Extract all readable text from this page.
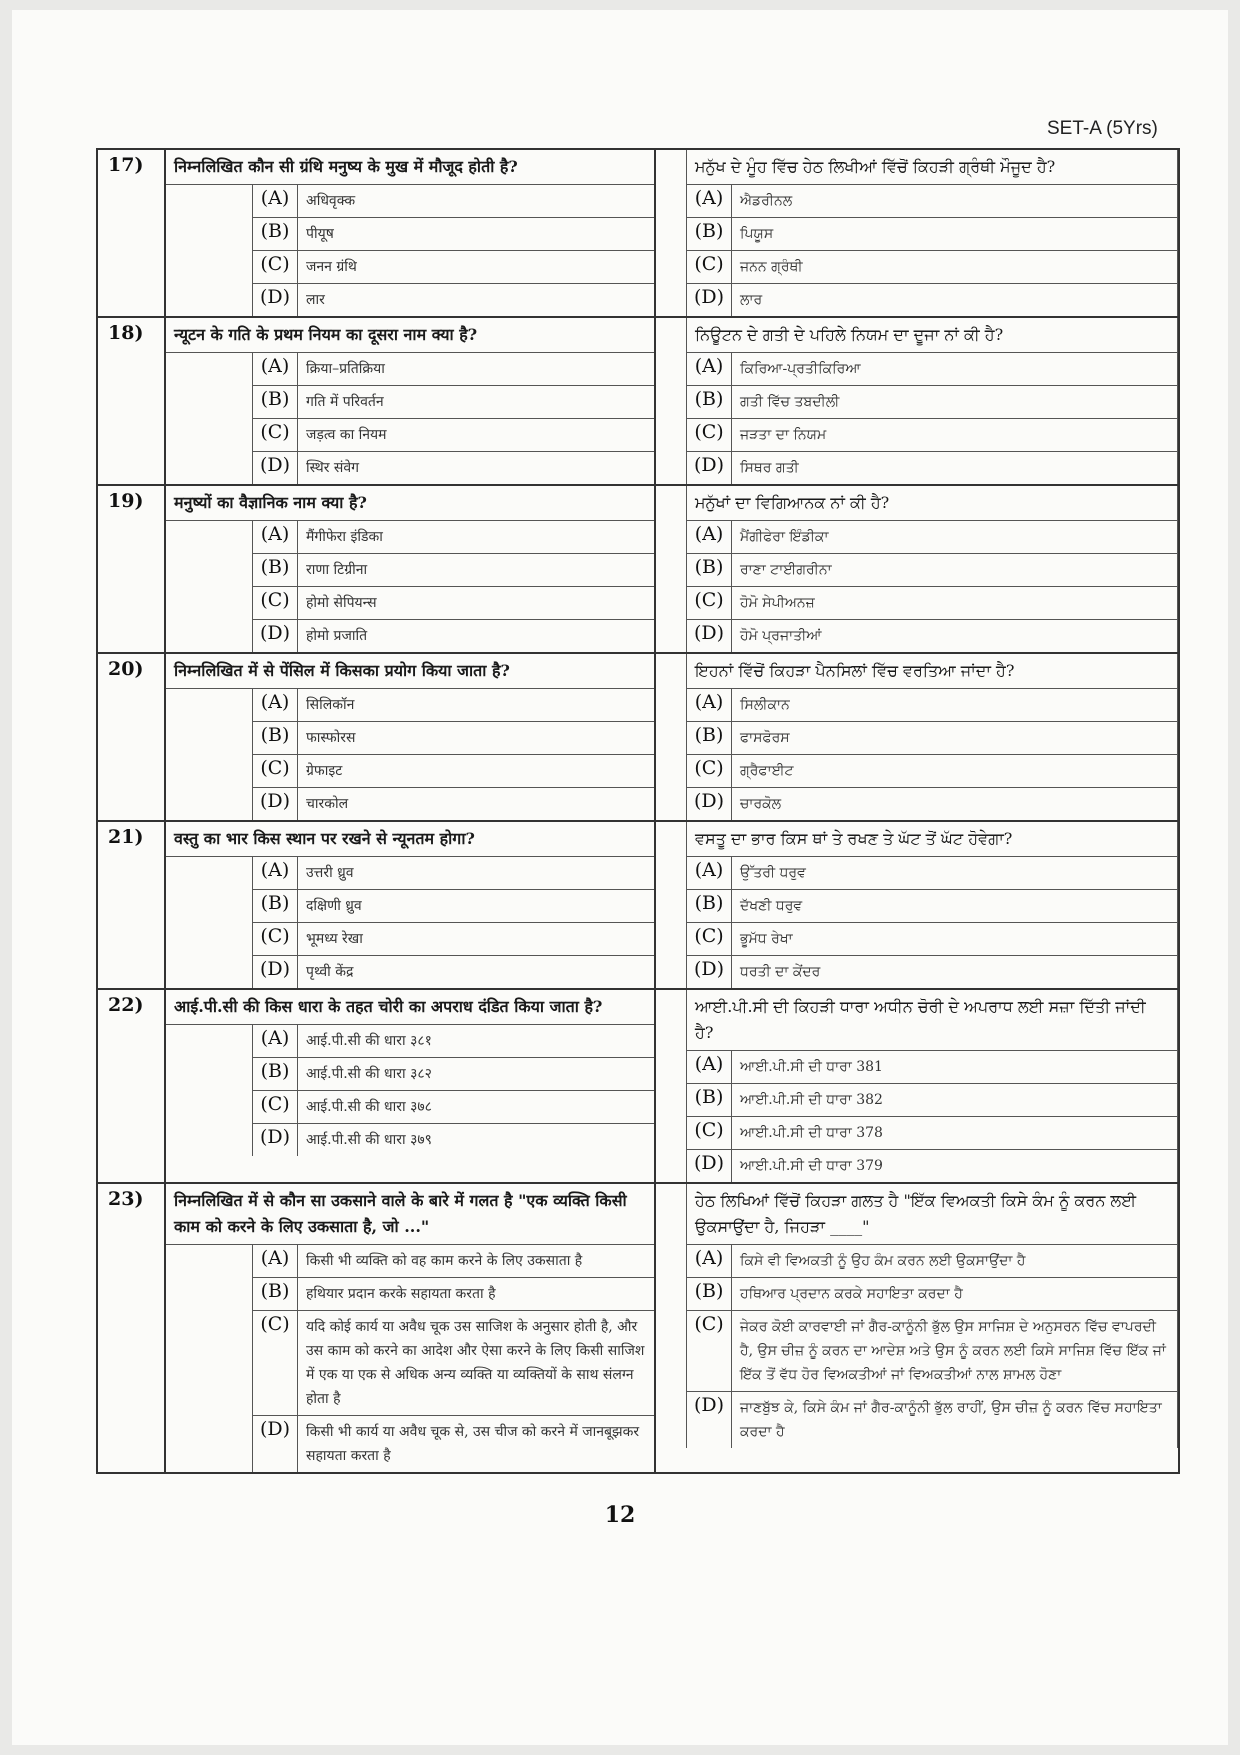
SET-A (5Yrs)
17)	निम्नलिखित कौन सी ग्रंथि मनुष्य के मुख में मौजूद होती है?
(A)	अधिवृक्क
(B)	पीयूष
(C)	जनन ग्रंथि
(D)	लार
ਮਨੁੱਖ ਦੇ ਮੂੰਹ ਵਿੱਚ ਹੇਠ ਲਿਖੀਆਂ ਵਿੱਚੋਂ ਕਿਹੜੀ ਗ੍ਰੰਥੀ ਮੌਜੂਦ ਹੈ?
(A)	ਐਡਰੀਨਲ
(B)	ਪਿਯੂਸ
(C)	ਜਨਨ ਗ੍ਰੰਥੀ
(D)	ਲਾਰ
18)	न्यूटन के गति के प्रथम नियम का दूसरा नाम क्या है?
(A)	क्रिया–प्रतिक्रिया
(B)	गति में परिवर्तन
(C)	जड़त्व का नियम
(D)	स्थिर संवेग
ਨਿਊਟਨ ਦੇ ਗਤੀ ਦੇ ਪਹਿਲੇ ਨਿਯਮ ਦਾ ਦੂਜਾ ਨਾਂ ਕੀ ਹੈ?
(A)	ਕਿਰਿਆ-ਪ੍ਰਤੀਕਿਰਿਆ
(B)	ਗਤੀ ਵਿੱਚ ਤਬਦੀਲੀ
(C)	ਜੜਤਾ ਦਾ ਨਿਯਮ
(D)	ਸਿਥਰ ਗਤੀ
19)	मनुष्यों का वैज्ञानिक नाम क्या है?
(A)	मैंगीफेरा इंडिका
(B)	राणा टिग्रीना
(C)	होमो सेपियन्स
(D)	होमो प्रजाति
ਮਨੁੱਖਾਂ ਦਾ ਵਿਗਿਆਨਕ ਨਾਂ ਕੀ ਹੈ?
(A)	ਮੈਂਗੀਫੇਰਾ ਇੰਡੀਕਾ
(B)	ਰਾਣਾ ਟਾਈਗਰੀਨਾ
(C)	ਹੋਮੋ ਸੇਪੀਅਨਜ਼
(D)	ਹੋਮੋ ਪ੍ਰਜਾਤੀਆਂ
20)	निम्नलिखित में से पेंसिल में किसका प्रयोग किया जाता है?
(A)	सिलिकॉन
(B)	फास्फोरस
(C)	ग्रेफाइट
(D)	चारकोल
ਇਹਨਾਂ ਵਿੱਚੋਂ ਕਿਹੜਾ ਪੈਨਸਿਲਾਂ ਵਿੱਚ ਵਰਤਿਆ ਜਾਂਦਾ ਹੈ?
(A)	ਸਿਲੀਕਾਨ
(B)	ਫਾਸਫੋਰਸ
(C)	ਗ੍ਰੈਫਾਈਟ
(D)	ਚਾਰਕੋਲ
21)	वस्तु का भार किस स्थान पर रखने से न्यूनतम होगा?
(A)	उत्तरी ध्रुव
(B)	दक्षिणी ध्रुव
(C)	भूमध्य रेखा
(D)	पृथ्वी केंद्र
ਵਸਤੂ ਦਾ ਭਾਰ ਕਿਸ ਥਾਂ ਤੇ ਰਖਣ ਤੇ ਘੱਟ ਤੋਂ ਘੱਟ ਹੋਵੇਗਾ?
(A)	ਉੱਤਰੀ ਧਰੁਵ
(B)	ਦੱਖਣੀ ਧਰੁਵ
(C)	ਭੂਮੱਧ ਰੇਖਾ
(D)	ਧਰਤੀ ਦਾ ਕੇਂਦਰ
22)	आई.पी.सी की किस धारा के तहत चोरी का अपराध दंडित किया जाता है?
(A)	आई.पी.सी की धारा ३८१
(B)	आई.पी.सी की धारा ३८२
(C)	आई.पी.सी की धारा ३७८
(D)	आई.पी.सी की धारा ३७९
ਆਈ.ਪੀ.ਸੀ ਦੀ ਕਿਹੜੀ ਧਾਰਾ ਅਧੀਨ ਚੋਰੀ ਦੇ ਅਪਰਾਧ ਲਈ ਸਜ਼ਾ ਦਿੱਤੀ ਜਾਂਦੀ ਹੈ?
(A)	ਆਈ.ਪੀ.ਸੀ ਦੀ ਧਾਰਾ 381
(B)	ਆਈ.ਪੀ.ਸੀ ਦੀ ਧਾਰਾ 382
(C)	ਆਈ.ਪੀ.ਸੀ ਦੀ ਧਾਰਾ 378
(D)	ਆਈ.ਪੀ.ਸੀ ਦੀ ਧਾਰਾ 379
23)	निम्नलिखित में से कौन सा उकसाने वाले के बारे में गलत है "एक व्यक्ति किसी काम को करने के लिए उकसाता है, जो ..."
(A)	किसी भी व्यक्ति को वह काम करने के लिए उकसाता है
(B)	हथियार प्रदान करके सहायता करता है
(C)	यदि कोई कार्य या अवैध चूक उस साजिश के अनुसार होती है, और उस काम को करने का आदेश और ऐसा करने के लिए किसी साजिश में एक या एक से अधिक अन्य व्यक्ति या व्यक्तियों के साथ संलग्न होता है
(D)	किसी भी कार्य या अवैध चूक से, उस चीज को करने में जानबूझकर सहायता करता है
ਹੇਠ ਲਿਖਿਆਂ ਵਿੱਚੋਂ ਕਿਹੜਾ ਗਲਤ ਹੈ "ਇੱਕ ਵਿਅਕਤੀ ਕਿਸੇ ਕੰਮ ਨੂੰ ਕਰਨ ਲਈ ਉਕਸਾਉਂਦਾ ਹੈ, ਜਿਹੜਾ ____"
(A)	ਕਿਸੇ ਵੀ ਵਿਅਕਤੀ ਨੂੰ ਉਹ ਕੰਮ ਕਰਨ ਲਈ ਉਕਸਾਉਂਦਾ ਹੈ
(B)	ਹਥਿਆਰ ਪ੍ਰਦਾਨ ਕਰਕੇ ਸਹਾਇਤਾ ਕਰਦਾ ਹੈ
(C)	ਜੇਕਰ ਕੋਈ ਕਾਰਵਾਈ ਜਾਂ ਗੈਰ-ਕਾਨੂੰਨੀ ਭੁੱਲ ਉਸ ਸਾਜਿਸ਼ ਦੇ ਅਨੁਸਰਨ ਵਿੱਚ ਵਾਪਰਦੀ ਹੈ, ਉਸ ਚੀਜ਼ ਨੂੰ ਕਰਨ ਦਾ ਆਦੇਸ਼ ਅਤੇ ਉਸ ਨੂੰ ਕਰਨ ਲਈ ਕਿਸੇ ਸਾਜਿਸ਼ ਵਿੱਚ ਇੱਕ ਜਾਂ ਇੱਕ ਤੋਂ ਵੱਧ ਹੋਰ ਵਿਅਕਤੀਆਂ ਜਾਂ ਵਿਅਕਤੀਆਂ ਨਾਲ ਸ਼ਾਮਲ ਹੋਣਾ
(D)	ਜਾਣਬੁੱਝ ਕੇ, ਕਿਸੇ ਕੰਮ ਜਾਂ ਗੈਰ-ਕਾਨੂੰਨੀ ਭੁੱਲ ਰਾਹੀਂ, ਉਸ ਚੀਜ਼ ਨੂੰ ਕਰਨ ਵਿੱਚ ਸਹਾਇਤਾ ਕਰਦਾ ਹੈ
12
